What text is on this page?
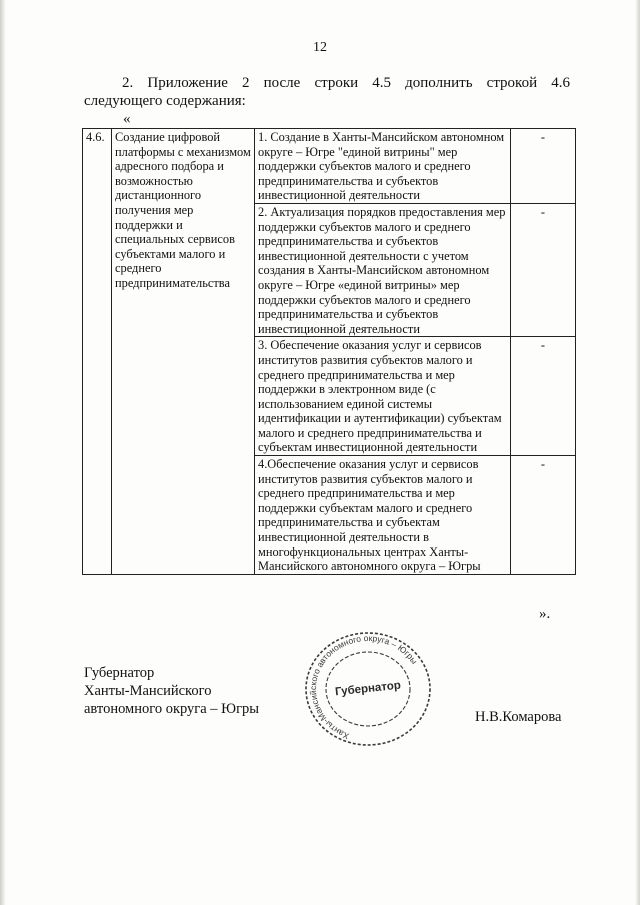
12
2. Приложение 2 после строки 4.5 дополнить строкой 4.6
следующего содержания:
«
4.6.	Создание цифровой платформы с механизмом адресного подбора и возможностью дистанционного получения мер поддержки и специальных сервисов субъектами малого и среднего предпринимательства	1. Создание в Ханты-Мансийском автономном округе – Югре "единой витрины" мер поддержки субъектов малого и среднего предпринимательства и субъектов инвестиционной деятельности	-
		2. Актуализация порядков предоставления мер поддержки субъектов малого и среднего предпринимательства и субъектов инвестиционной деятельности с учетом создания в Ханты-Мансийском автономном округе – Югре «единой витрины» мер поддержки субъектов малого и среднего предпринимательства и субъектов инвестиционной деятельности	-
		3. Обеспечение оказания услуг и сервисов институтов развития субъектов малого и среднего предпринимательства и мер поддержки в электронном виде (с использованием единой системы идентификации и аутентификации) субъектам малого и среднего предпринимательства и субъектам инвестиционной деятельности	-
		4.Обеспечение оказания услуг и сервисов институтов развития субъектов малого и среднего предпринимательства и мер поддержки субъектам малого и среднего предпринимательства и субъектам инвестиционной деятельности в многофункциональных центрах Ханты-Мансийского автономного округа – Югры	-
».
Губернатор
Ханты-Мансийского
автономного округа – Югры	Н.В.Комарова
Ханты-Мансийского автономного округа – Югры
Губернатор
